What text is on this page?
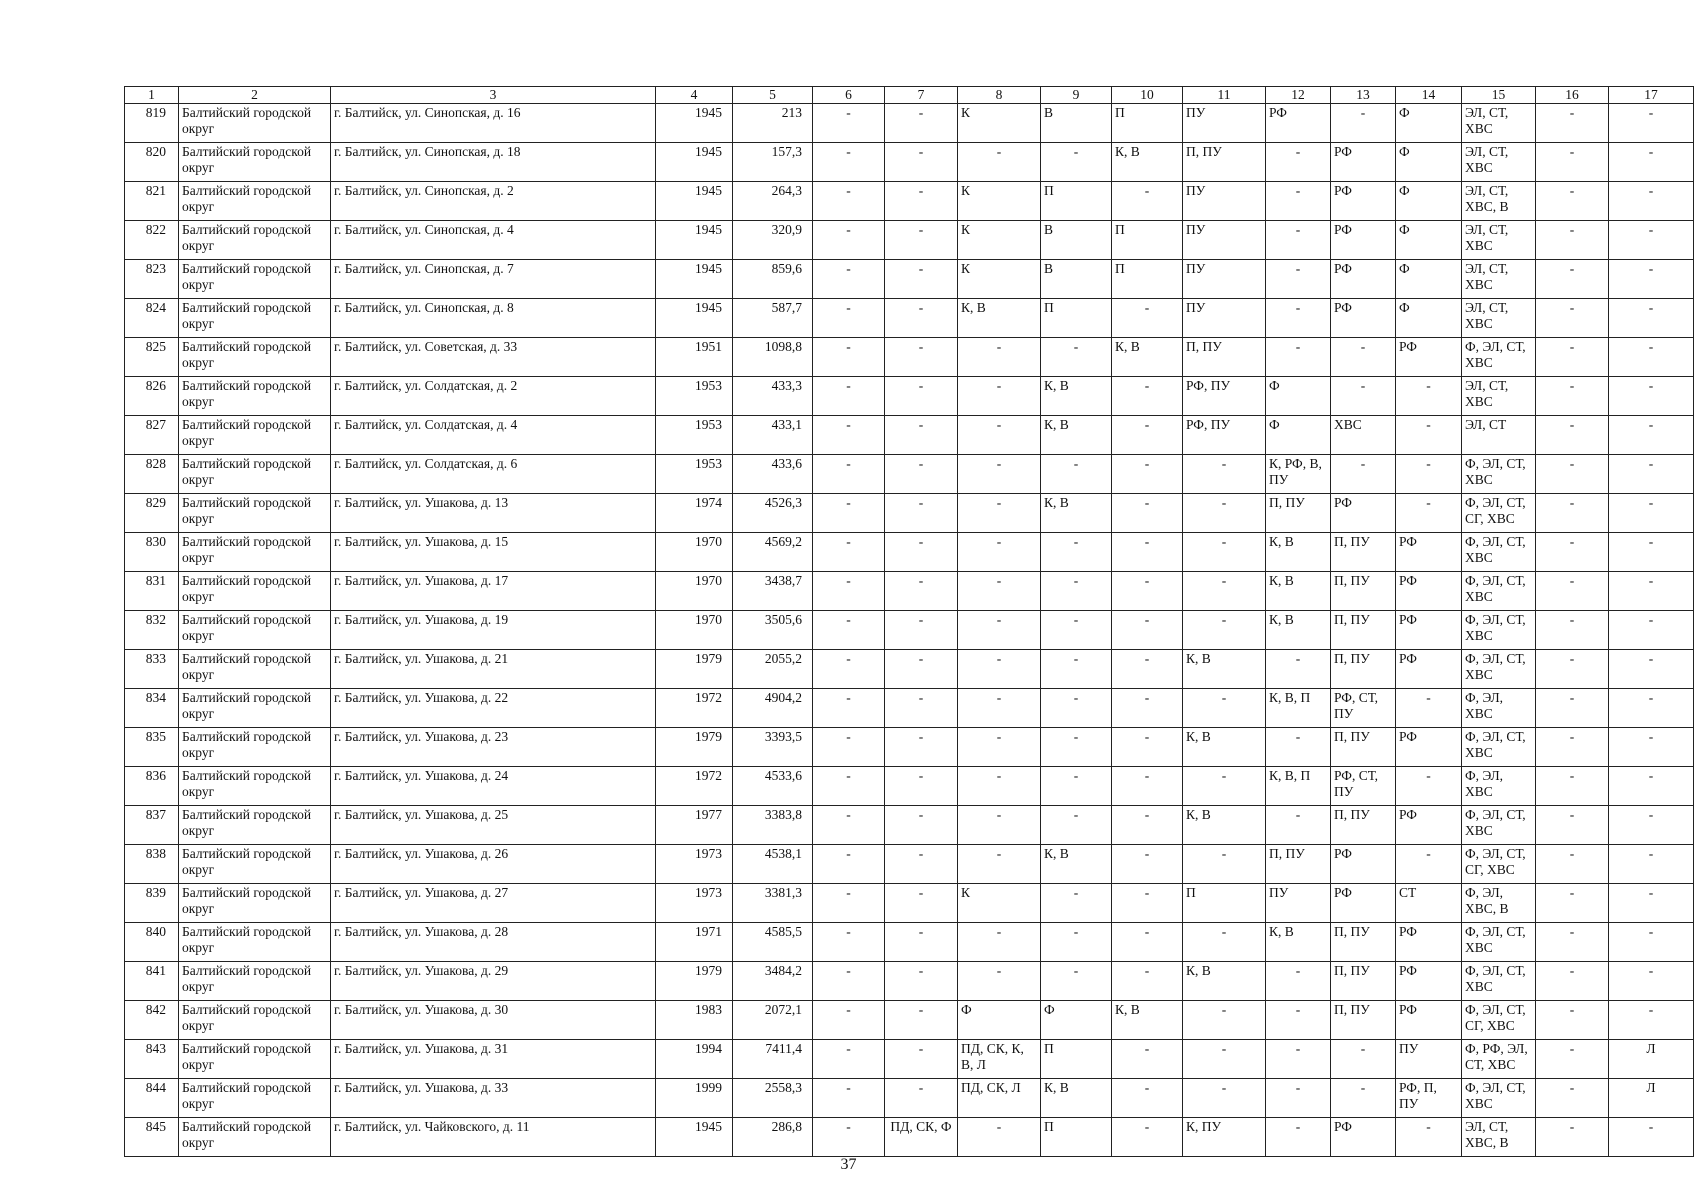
1	2	3	4	5	6	7	8	9	10	11	12	13	14	15	16	17
819	Балтийский городской округ	г. Балтийск, ул. Синопская, д. 16	1945	213	-	-	К	В	П	ПУ	РФ	-	Ф	ЭЛ, СТ, ХВС	-	-
820	Балтийский городской округ	г. Балтийск, ул. Синопская, д. 18	1945	157,3	-	-	-	-	К, В	П, ПУ	-	РФ	Ф	ЭЛ, СТ, ХВС	-	-
821	Балтийский городской округ	г. Балтийск, ул. Синопская, д. 2	1945	264,3	-	-	К	П	-	ПУ	-	РФ	Ф	ЭЛ, СТ, ХВС, В	-	-
822	Балтийский городской округ	г. Балтийск, ул. Синопская, д. 4	1945	320,9	-	-	К	В	П	ПУ	-	РФ	Ф	ЭЛ, СТ, ХВС	-	-
823	Балтийский городской округ	г. Балтийск, ул. Синопская, д. 7	1945	859,6	-	-	К	В	П	ПУ	-	РФ	Ф	ЭЛ, СТ, ХВС	-	-
824	Балтийский городской округ	г. Балтийск, ул. Синопская, д. 8	1945	587,7	-	-	К, В	П	-	ПУ	-	РФ	Ф	ЭЛ, СТ, ХВС	-	-
825	Балтийский городской округ	г. Балтийск, ул. Советская, д. 33	1951	1098,8	-	-	-	-	К, В	П, ПУ	-	-	РФ	Ф, ЭЛ, СТ, ХВС	-	-
826	Балтийский городской округ	г. Балтийск, ул. Солдатская, д. 2	1953	433,3	-	-	-	К, В	-	РФ, ПУ	Ф	-	-	ЭЛ, СТ, ХВС	-	-
827	Балтийский городской округ	г. Балтийск, ул. Солдатская, д. 4	1953	433,1	-	-	-	К, В	-	РФ, ПУ	Ф	ХВС	-	ЭЛ, СТ	-	-
828	Балтийский городской округ	г. Балтийск, ул. Солдатская, д. 6	1953	433,6	-	-	-	-	-	-	К, РФ, В, ПУ	-	-	Ф, ЭЛ, СТ, ХВС	-	-
829	Балтийский городской округ	г. Балтийск, ул. Ушакова, д. 13	1974	4526,3	-	-	-	К, В	-	-	П, ПУ	РФ	-	Ф, ЭЛ, СТ, СГ, ХВС	-	-
830	Балтийский городской округ	г. Балтийск, ул. Ушакова, д. 15	1970	4569,2	-	-	-	-	-	-	К, В	П, ПУ	РФ	Ф, ЭЛ, СТ, ХВС	-	-
831	Балтийский городской округ	г. Балтийск, ул. Ушакова, д. 17	1970	3438,7	-	-	-	-	-	-	К, В	П, ПУ	РФ	Ф, ЭЛ, СТ, ХВС	-	-
832	Балтийский городской округ	г. Балтийск, ул. Ушакова, д. 19	1970	3505,6	-	-	-	-	-	-	К, В	П, ПУ	РФ	Ф, ЭЛ, СТ, ХВС	-	-
833	Балтийский городской округ	г. Балтийск, ул. Ушакова, д. 21	1979	2055,2	-	-	-	-	-	К, В	-	П, ПУ	РФ	Ф, ЭЛ, СТ, ХВС	-	-
834	Балтийский городской округ	г. Балтийск, ул. Ушакова, д. 22	1972	4904,2	-	-	-	-	-	-	К, В, П	РФ, СТ, ПУ	-	Ф, ЭЛ, ХВС	-	-
835	Балтийский городской округ	г. Балтийск, ул. Ушакова, д. 23	1979	3393,5	-	-	-	-	-	К, В	-	П, ПУ	РФ	Ф, ЭЛ, СТ, ХВС	-	-
836	Балтийский городской округ	г. Балтийск, ул. Ушакова, д. 24	1972	4533,6	-	-	-	-	-	-	К, В, П	РФ, СТ, ПУ	-	Ф, ЭЛ, ХВС	-	-
837	Балтийский городской округ	г. Балтийск, ул. Ушакова, д. 25	1977	3383,8	-	-	-	-	-	К, В	-	П, ПУ	РФ	Ф, ЭЛ, СТ, ХВС	-	-
838	Балтийский городской округ	г. Балтийск, ул. Ушакова, д. 26	1973	4538,1	-	-	-	К, В	-	-	П, ПУ	РФ	-	Ф, ЭЛ, СТ, СГ, ХВС	-	-
839	Балтийский городской округ	г. Балтийск, ул. Ушакова, д. 27	1973	3381,3	-	-	К	-	-	П	ПУ	РФ	СТ	Ф, ЭЛ, ХВС, В	-	-
840	Балтийский городской округ	г. Балтийск, ул. Ушакова, д. 28	1971	4585,5	-	-	-	-	-	-	К, В	П, ПУ	РФ	Ф, ЭЛ, СТ, ХВС	-	-
841	Балтийский городской округ	г. Балтийск, ул. Ушакова, д. 29	1979	3484,2	-	-	-	-	-	К, В	-	П, ПУ	РФ	Ф, ЭЛ, СТ, ХВС	-	-
842	Балтийский городской округ	г. Балтийск, ул. Ушакова, д. 30	1983	2072,1	-	-	Ф	Ф	К, В	-	-	П, ПУ	РФ	Ф, ЭЛ, СТ, СГ, ХВС	-	-
843	Балтийский городской округ	г. Балтийск, ул. Ушакова, д. 31	1994	7411,4	-	-	ПД, СК, К, В, Л	П	-	-	-	-	ПУ	Ф, РФ, ЭЛ, СТ, ХВС	-	Л
844	Балтийский городской округ	г. Балтийск, ул. Ушакова, д. 33	1999	2558,3	-	-	ПД, СК, Л	К, В	-	-	-	-	РФ, П, ПУ	Ф, ЭЛ, СТ, ХВС	-	Л
845	Балтийский городской округ	г. Балтийск, ул. Чайковского, д. 11	1945	286,8	-	ПД, СК, Ф	-	П	-	К, ПУ	-	РФ	-	ЭЛ, СТ, ХВС, В	-	-
37
